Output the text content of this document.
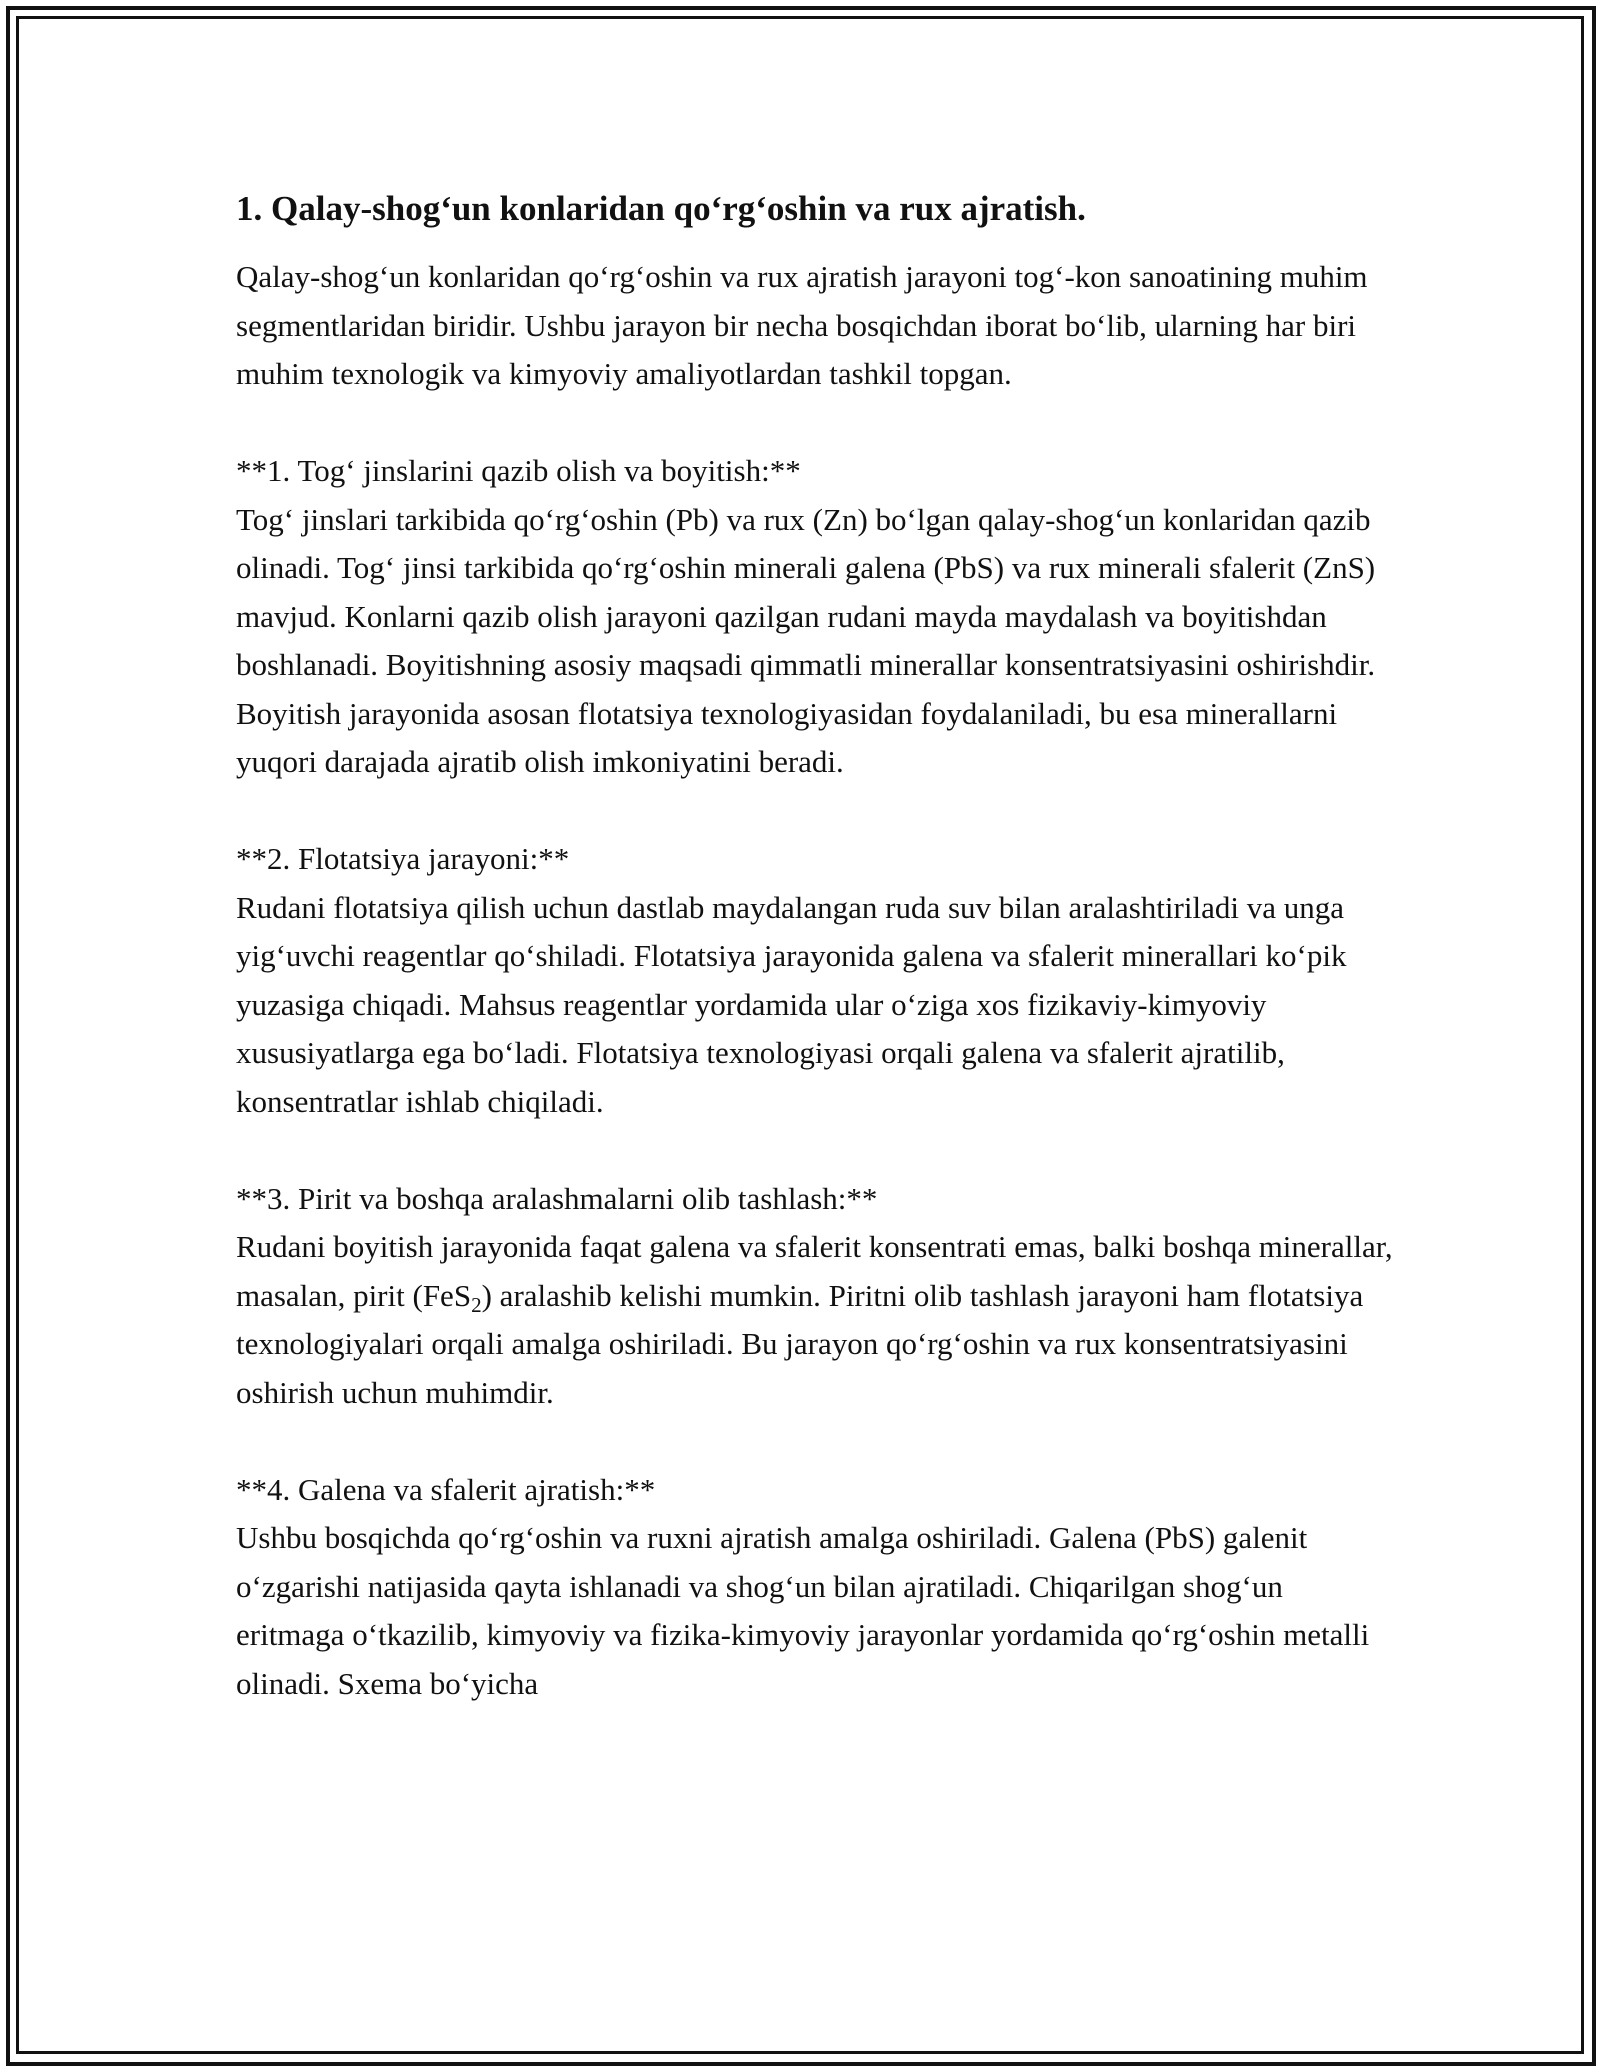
1. Qalay-shog‘un konlaridan qo‘rg‘oshin va rux ajratish.

Qalay-shog‘un konlaridan qo‘rg‘oshin va rux ajratish jarayoni tog‘-kon sanoatining muhim segmentlaridan biridir. Ushbu jarayon bir necha bosqichdan iborat bo‘lib, ularning har biri muhim texnologik va kimyoviy amaliyotlardan tashkil topgan.

**1. Tog‘ jinslarini qazib olish va boyitish:**
Tog‘ jinslari tarkibida qo‘rg‘oshin (Pb) va rux (Zn) bo‘lgan qalay-shog‘un konlaridan qazib olinadi. Tog‘ jinsi tarkibida qo‘rg‘oshin minerali galena (PbS) va rux minerali sfalerit (ZnS) mavjud. Konlarni qazib olish jarayoni qazilgan rudani mayda maydalash va boyitishdan boshlanadi. Boyitishning asosiy maqsadi qimmatli minerallar konsentratsiyasini oshirishdir. Boyitish jarayonida asosan flotatsiya texnologiyasidan foydalaniladi, bu esa minerallarni yuqori darajada ajratib olish imkoniyatini beradi.

**2. Flotatsiya jarayoni:**
Rudani flotatsiya qilish uchun dastlab maydalangan ruda suv bilan aralashtiriladi va unga yig‘uvchi reagentlar qo‘shiladi. Flotatsiya jarayonida galena va sfalerit minerallari ko‘pik yuzasiga chiqadi. Mahsus reagentlar yordamida ular o‘ziga xos fizikaviy-kimyoviy xususiyatlarga ega bo‘ladi. Flotatsiya texnologiyasi orqali galena va sfalerit ajratilib, konsentratlar ishlab chiqiladi.

**3. Pirit va boshqa aralashmalarni olib tashlash:**
Rudani boyitish jarayonida faqat galena va sfalerit konsentrati emas, balki boshqa minerallar, masalan, pirit (FeS$_2$) aralashib kelishi mumkin. Piritni olib tashlash jarayoni ham flotatsiya texnologiyalari orqali amalga oshiriladi. Bu jarayon qo‘rg‘oshin va rux konsentratsiyasini oshirish uchun muhimdir.

**4. Galena va sfalerit ajratish:**
Ushbu bosqichda qo‘rg‘oshin va ruxni ajratish amalga oshiriladi. Galena (PbS) galenit o‘zgarishi natijasida qayta ishlanadi va shog‘un bilan ajratiladi. Chiqarilgan shog‘un eritmaga o‘tkazilib, kimyoviy va fizika-kimyoviy jarayonlar yordamida qo‘rg‘oshin metalli olinadi. Sxema bo‘yicha
